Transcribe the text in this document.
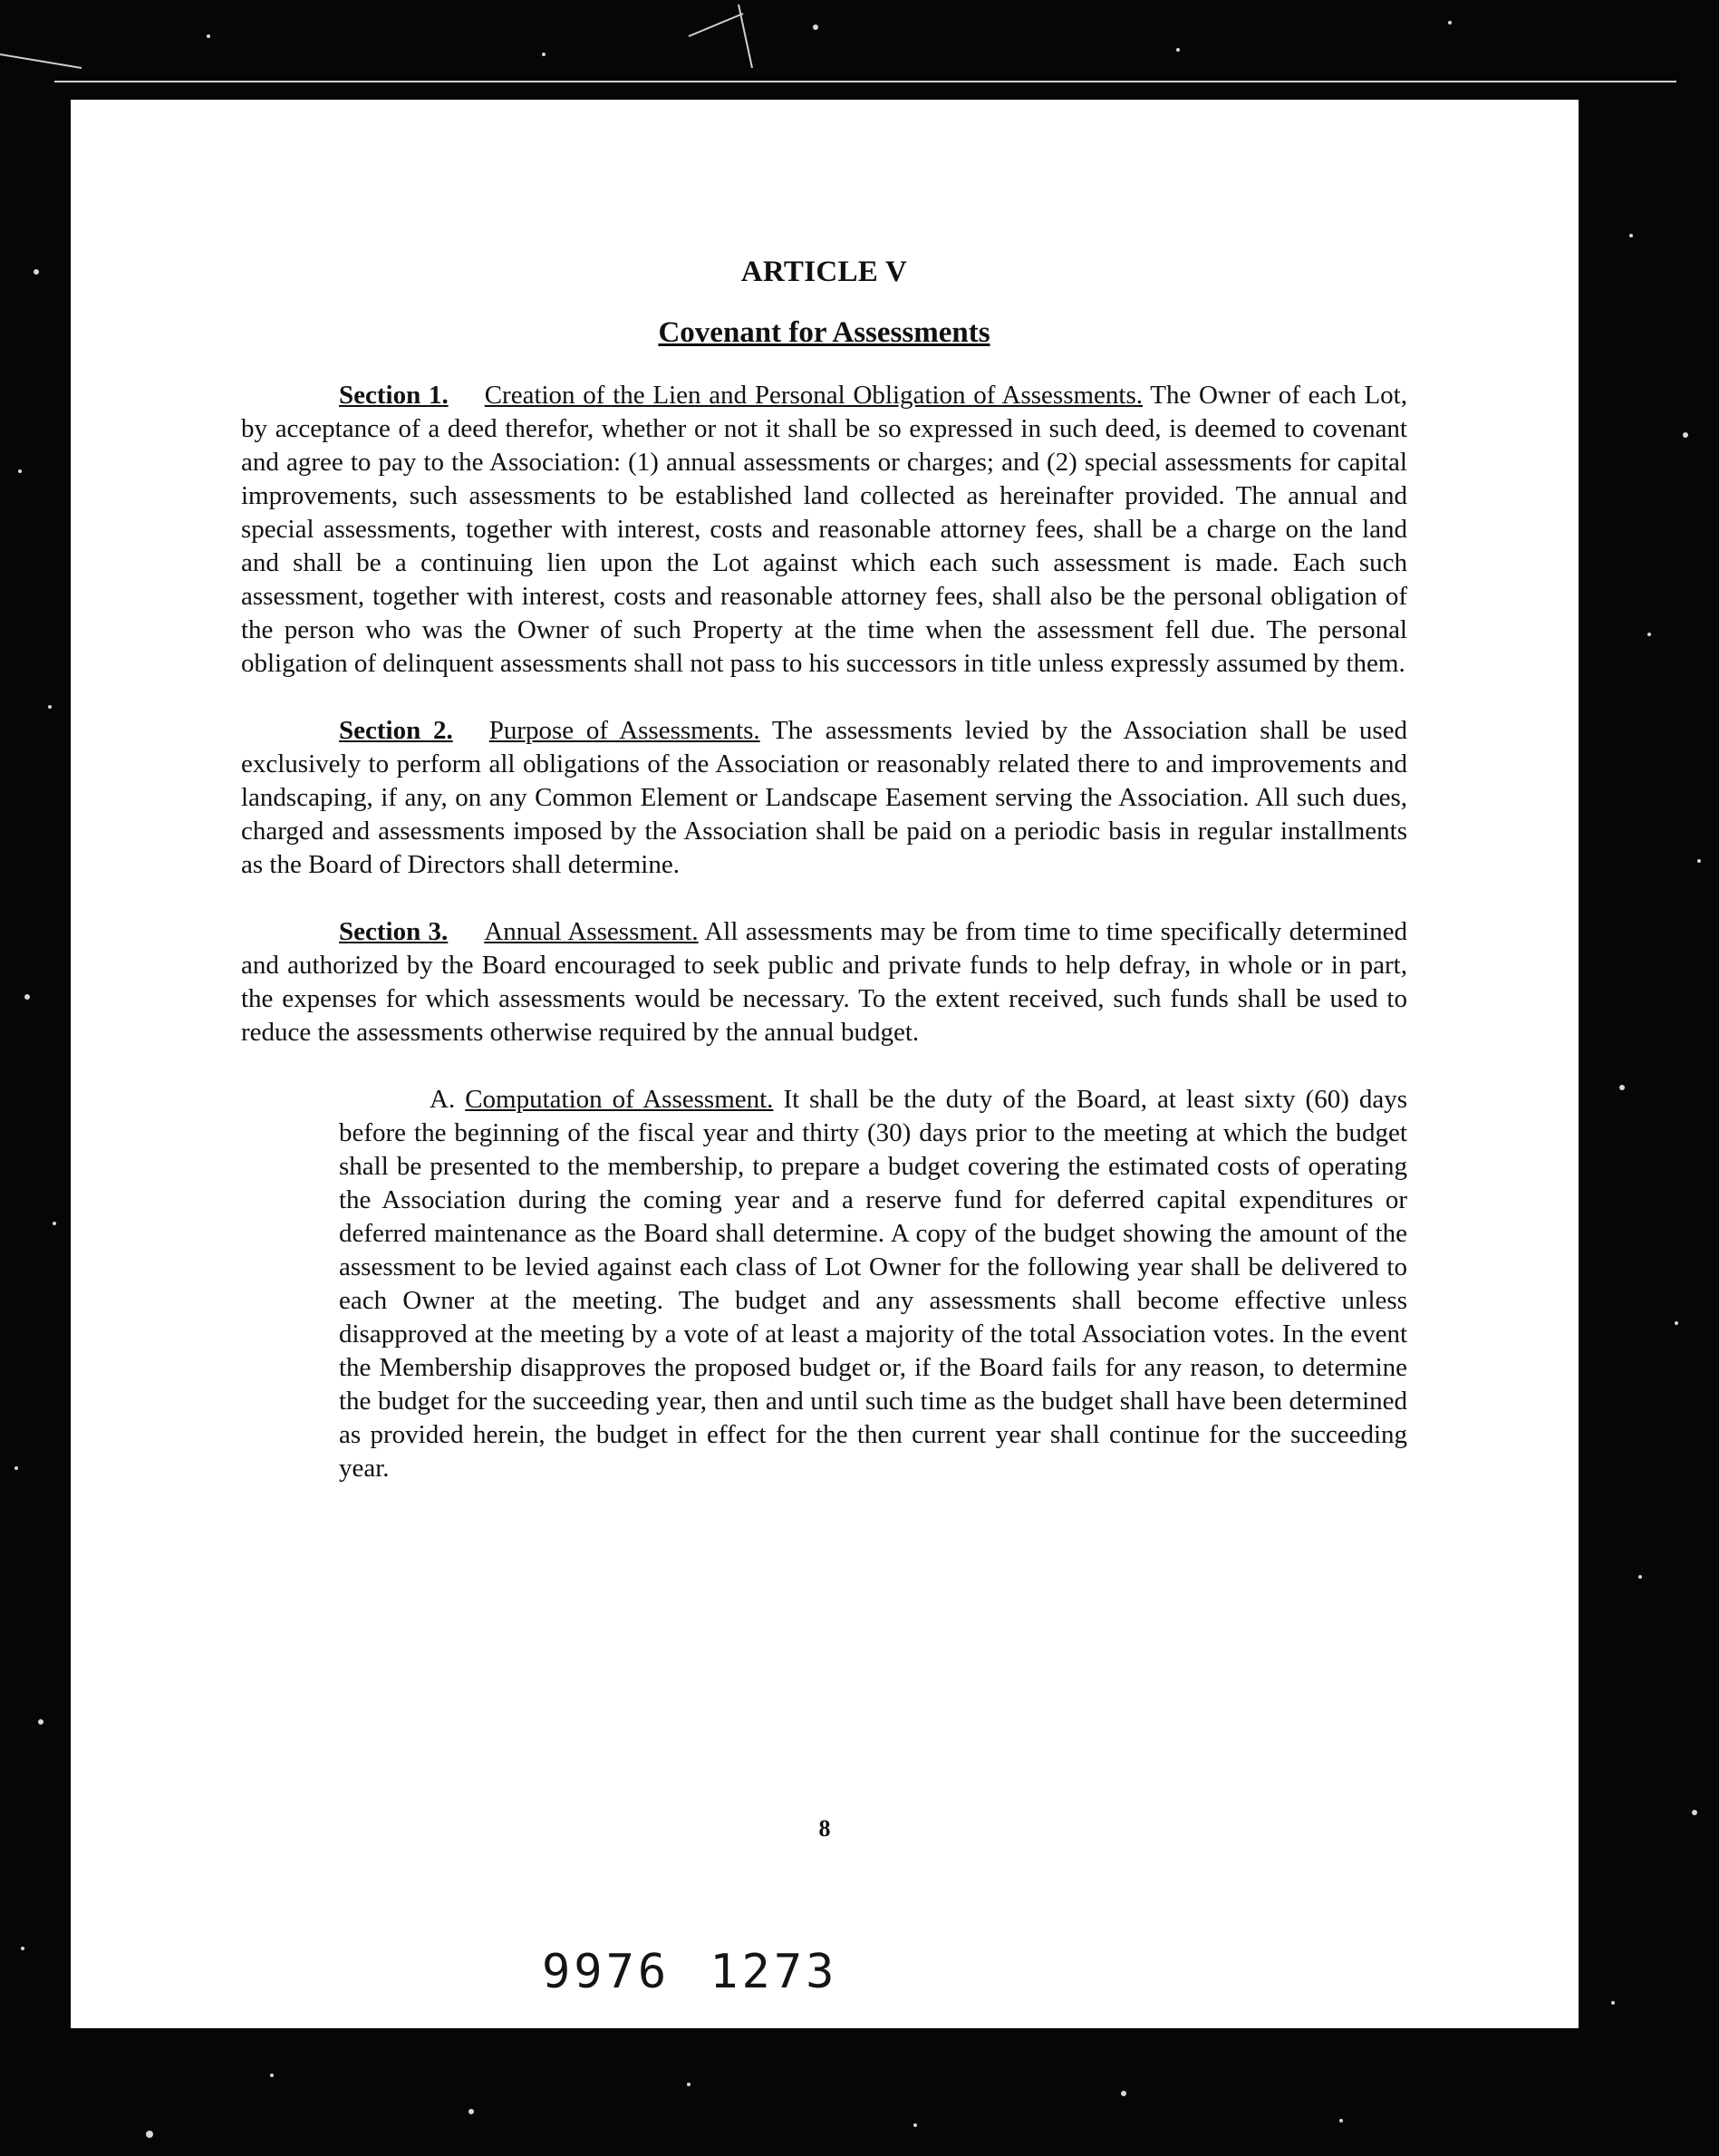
ARTICLE V
Covenant for Assessments

Section 1. Creation of the Lien and Personal Obligation of Assessments. The Owner of each Lot, by acceptance of a deed therefor, whether or not it shall be so expressed in such deed, is deemed to covenant and agree to pay to the Association: (1) annual assessments or charges; and (2) special assessments for capital improvements, such assessments to be established land collected as hereinafter provided. The annual and special assessments, together with interest, costs and reasonable attorney fees, shall be a charge on the land and shall be a continuing lien upon the Lot against which each such assessment is made. Each such assessment, together with interest, costs and reasonable attorney fees, shall also be the personal obligation of the person who was the Owner of such Property at the time when the assessment fell due. The personal obligation of delinquent assessments shall not pass to his successors in title unless expressly assumed by them.

Section 2. Purpose of Assessments. The assessments levied by the Association shall be used exclusively to perform all obligations of the Association or reasonably related there to and improvements and landscaping, if any, on any Common Element or Landscape Easement serving the Association. All such dues, charged and assessments imposed by the Association shall be paid on a periodic basis in regular installments as the Board of Directors shall determine.

Section 3. Annual Assessment. All assessments may be from time to time specifically determined and authorized by the Board encouraged to seek public and private funds to help defray, in whole or in part, the expenses for which assessments would be necessary. To the extent received, such funds shall be used to reduce the assessments otherwise required by the annual budget.

A. Computation of Assessment. It shall be the duty of the Board, at least sixty (60) days before the beginning of the fiscal year and thirty (30) days prior to the meeting at which the budget shall be presented to the membership, to prepare a budget covering the estimated costs of operating the Association during the coming year and a reserve fund for deferred capital expenditures or deferred maintenance as the Board shall determine. A copy of the budget showing the amount of the assessment to be levied against each class of Lot Owner for the following year shall be delivered to each Owner at the meeting. The budget and any assessments shall become effective unless disapproved at the meeting by a vote of at least a majority of the total Association votes. In the event the Membership disapproves the proposed budget or, if the Board fails for any reason, to determine the budget for the succeeding year, then and until such time as the budget shall have been determined as provided herein, the budget in effect for the then current year shall continue for the succeeding year.

8
9976 1273
